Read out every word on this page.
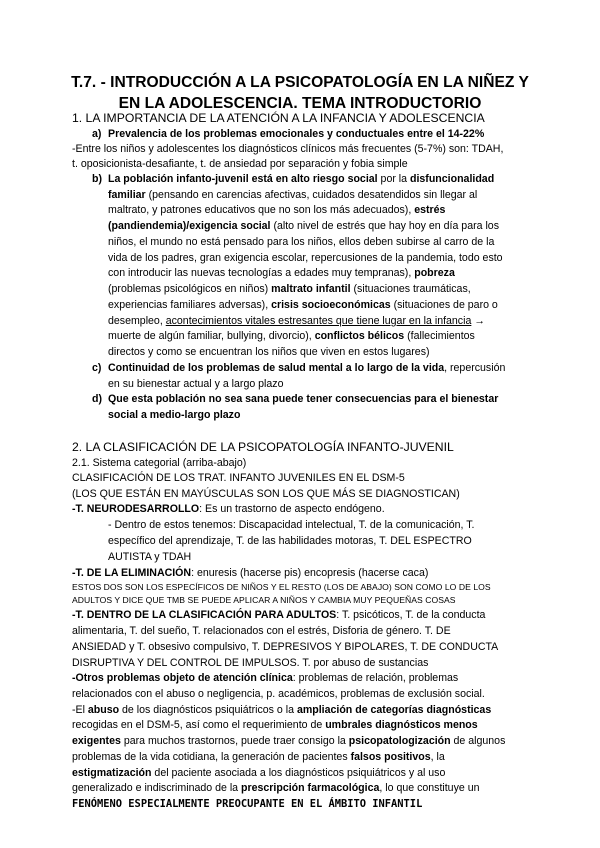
T.7. - INTRODUCCIÓN A LA PSICOPATOLOGÍA EN LA NIÑEZ Y
EN LA ADOLESCENCIA. TEMA INTRODUCTORIO
1. LA IMPORTANCIA DE LA ATENCIÓN A LA INFANCIA Y ADOLESCENCIA
a) Prevalencia de los problemas emocionales y conductuales entre el 14-22%
-Entre los niños y adolescentes los diagnósticos clínicos más frecuentes (5-7%) son: TDAH,
t. oposicionista-desafiante, t. de ansiedad por separación y fobia simple
b) La población infanto-juvenil está en alto riesgo social por la disfuncionalidad
familiar (pensando en carencias afectivas, cuidados desatendidos sin llegar al
maltrato, y patrones educativos que no son los más adecuados), estrés
(pandiendemia)/exigencia social (alto nivel de estrés que hay hoy en día para los
niños, el mundo no está pensado para los niños, ellos deben subirse al carro de la
vida de los padres, gran exigencia escolar, repercusiones de la pandemia, todo esto
con introducir las nuevas tecnologías a edades muy tempranas), pobreza
(problemas psicológicos en niños) maltrato infantil (situaciones traumáticas,
experiencias familiares adversas), crisis socioeconómicas (situaciones de paro o
desempleo, acontecimientos vitales estresantes que tiene lugar en la infancia →
muerte de algún familiar, bullying, divorcio), conflictos bélicos (fallecimientos
directos y como se encuentran los niños que viven en estos lugares)
c) Continuidad de los problemas de salud mental a lo largo de la vida, repercusión
en su bienestar actual y a largo plazo
d) Que esta población no sea sana puede tener consecuencias para el bienestar
social a medio-largo plazo
2. LA CLASIFICACIÓN DE LA PSICOPATOLOGÍA INFANTO-JUVENIL
2.1. Sistema categorial (arriba-abajo)
CLASIFICACIÓN DE LOS TRAT. INFANTO JUVENILES EN EL DSM-5
(LOS QUE ESTÁN EN MAYÚSCULAS SON LOS QUE MÁS SE DIAGNOSTICAN)
-T. NEURODESARROLLO: Es un trastorno de aspecto endógeno.
- Dentro de estos tenemos: Discapacidad intelectual, T. de la comunicación, T.
específico del aprendizaje, T. de las habilidades motoras, T. DEL ESPECTRO
AUTISTA y TDAH
-T. DE LA ELIMINACIÓN: enuresis (hacerse pis) encopresis (hacerse caca)
ESTOS DOS SON LOS ESPECÍFICOS DE NIÑOS Y EL RESTO (LOS DE ABAJO) SON COMO LO DE LOS
ADULTOS Y DICE QUE TMB SE PUEDE APLICAR A NIÑOS Y CAMBIA MUY PEQUEÑAS COSAS
-T. DENTRO DE LA CLASIFICACIÓN PARA ADULTOS: T. psicóticos, T. de la conducta
alimentaria, T. del sueño, T. relacionados con el estrés, Disforia de género. T. DE
ANSIEDAD y T. obsesivo compulsivo, T. DEPRESIVOS Y BIPOLARES, T. DE CONDUCTA
DISRUPTIVA Y DEL CONTROL DE IMPULSOS. T. por abuso de sustancias
-Otros problemas objeto de atención clínica: problemas de relación, problemas
relacionados con el abuso o negligencia, p. académicos, problemas de exclusión social.
-El abuso de los diagnósticos psiquiátricos o la ampliación de categorías diagnósticas
recogidas en el DSM-5, así como el requerimiento de umbrales diagnósticos menos
exigentes para muchos trastornos, puede traer consigo la psicopatologización de algunos
problemas de la vida cotidiana, la generación de pacientes falsos positivos, la
estigmatización del paciente asociada a los diagnósticos psiquiátricos y al uso
generalizado e indiscriminado de la prescripción farmacológica, lo que constituye un
FENÓMENO ESPECIALMENTE PREOCUPANTE EN EL ÁMBITO INFANTIL
